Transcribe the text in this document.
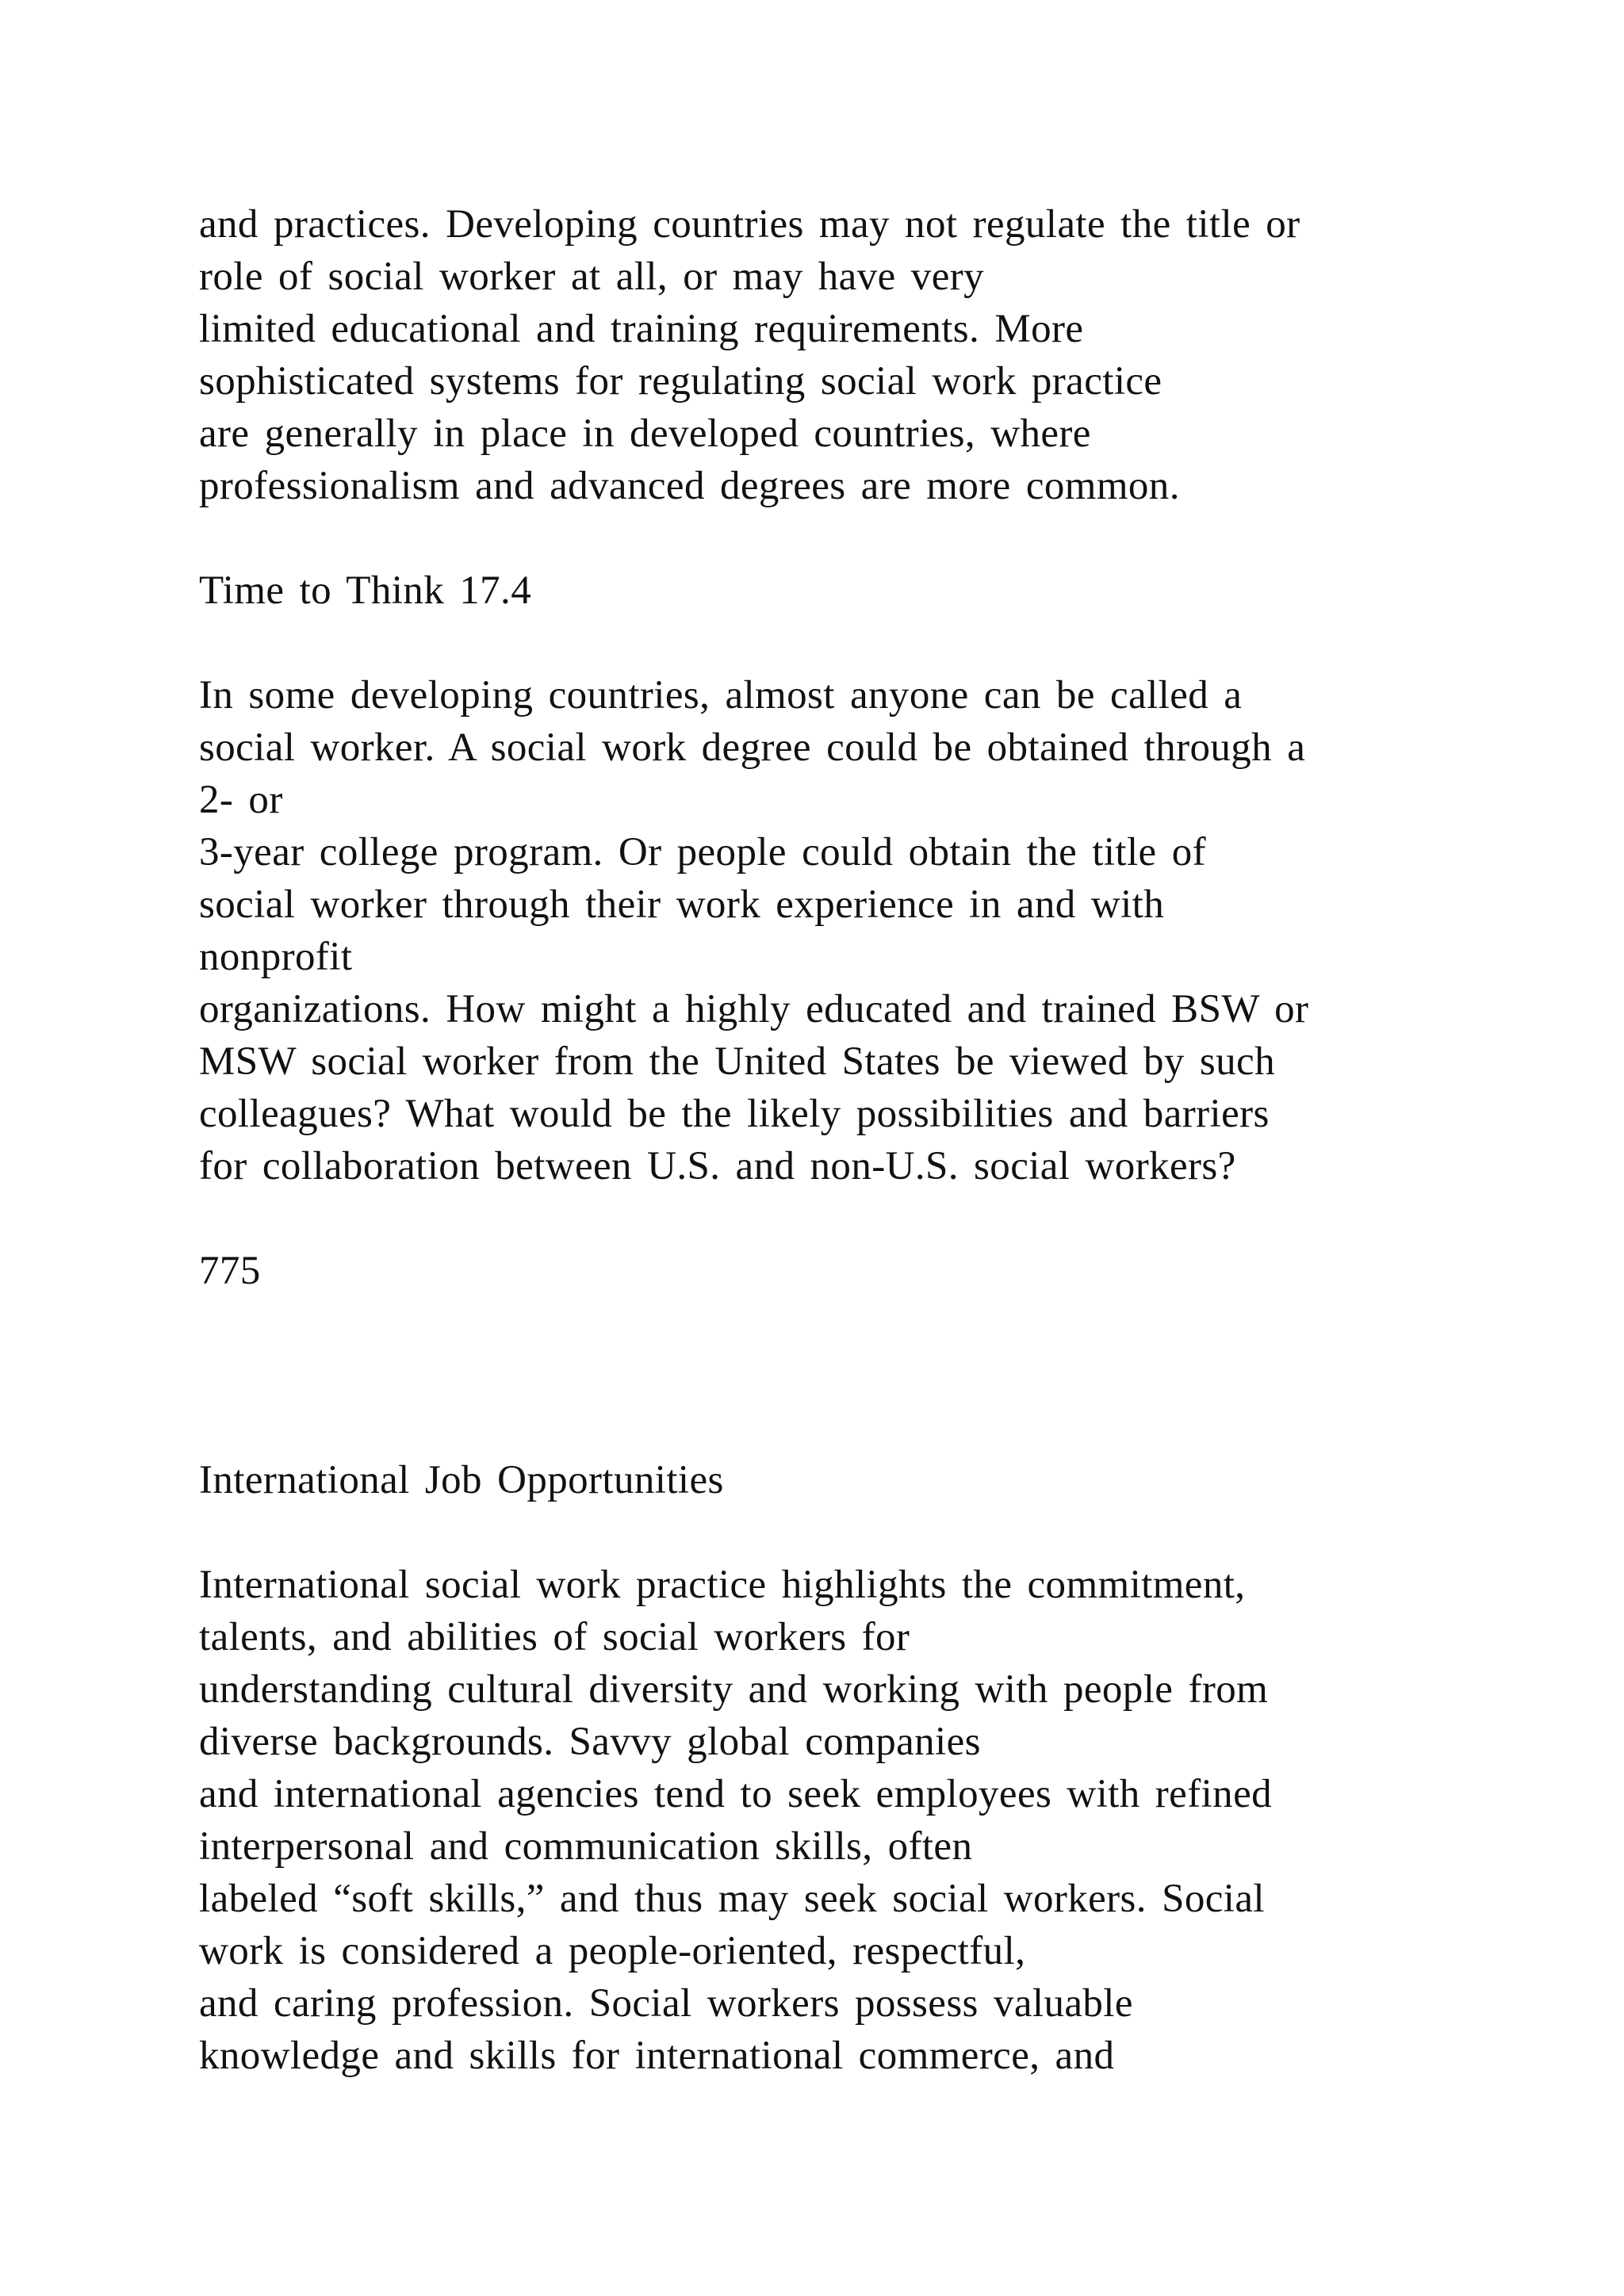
and practices. Developing countries may not regulate the title or
role of social worker at all, or may have very
limited educational and training requirements. More
sophisticated systems for regulating social work practice
are generally in place in developed countries, where
professionalism and advanced degrees are more common.
Time to Think 17.4
In some developing countries, almost anyone can be called a
social worker. A social work degree could be obtained through a
2- or
3-year college program. Or people could obtain the title of
social worker through their work experience in and with
nonprofit
organizations. How might a highly educated and trained BSW or
MSW social worker from the United States be viewed by such
colleagues? What would be the likely possibilities and barriers
for collaboration between U.S. and non-U.S. social workers?
775
International Job Opportunities
International social work practice highlights the commitment,
talents, and abilities of social workers for
understanding cultural diversity and working with people from
diverse backgrounds. Savvy global companies
and international agencies tend to seek employees with refined
interpersonal and communication skills, often
labeled “soft skills,” and thus may seek social workers. Social
work is considered a people-oriented, respectful,
and caring profession. Social workers possess valuable
knowledge and skills for international commerce, and
